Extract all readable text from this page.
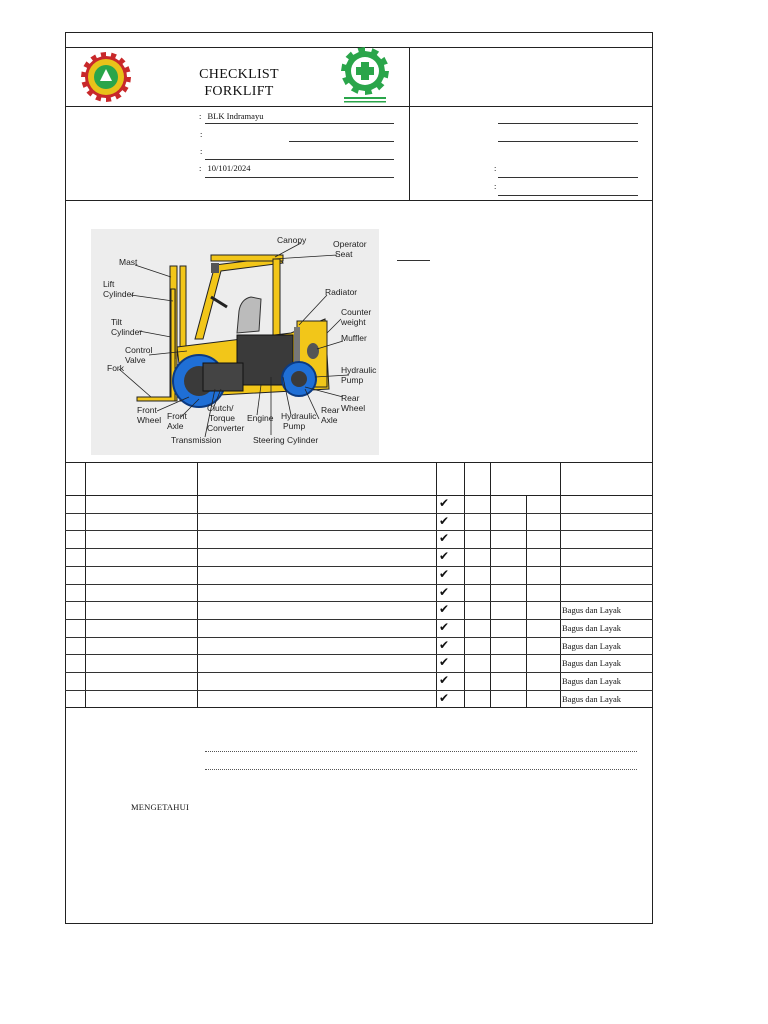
CHECKLIST
FORKLIFT
: BLK Indramayu
:
:
: 10/101/2024	:
:
Canopy	Operator
Seat
Mast
Lift
Cylinder	Radiator
Counter
weight
Tilt
Cylinder
Muffler
Control
Valve
Fork	Hydraulic
Pump
Rear
Wheel
Front
Wheel Front
Axle
Clutch/
Torque
Converter
Engine Hydraulic
Pump
Rear
Axle
Transmission	Steering Cylinder
✔
✔
✔
✔
✔
✔
✔	Bagus dan Layak
✔	Bagus dan Layak
✔	Bagus dan Layak
✔	Bagus dan Layak
✔	Bagus dan Layak
✔	Bagus dan Layak
MENGETAHUI
